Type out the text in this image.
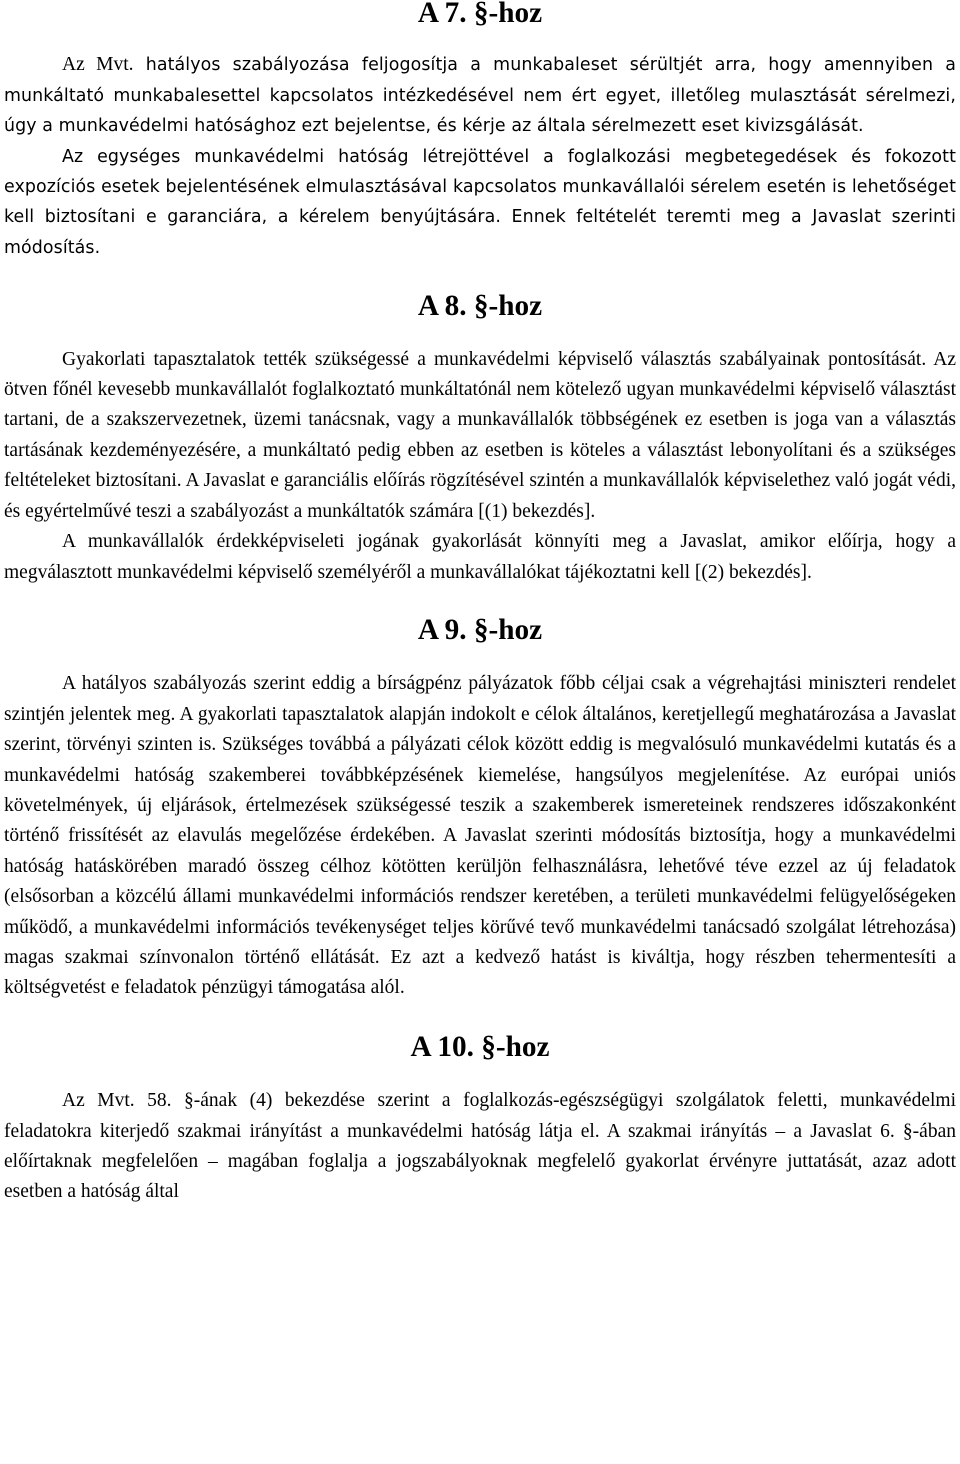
A 7. §-hoz

Az Mvt. hatályos szabályozása feljogosítja a munkabaleset sérültjét arra, hogy amennyiben a munkáltató munkabalesettel kapcsolatos intézkedésével nem ért egyet, illetőleg mulasztását sérelmezi, úgy a munkavédelmi hatósághoz ezt bejelentse, és kérje az általa sérelmezett eset kivizsgálását.

Az egységes munkavédelmi hatóság létrejöttével a foglalkozási megbetegedések és fokozott expozíciós esetek bejelentésének elmulasztásával kapcsolatos munkavállalói sérelem esetén is lehetőséget kell biztosítani e garanciára, a kérelem benyújtására. Ennek feltételét teremti meg a Javaslat szerinti módosítás.

A 8. §-hoz

Gyakorlati tapasztalatok tették szükségessé a munkavédelmi képviselő választás szabályainak pontosítását. Az ötven főnél kevesebb munkavállalót foglalkoztató munkáltatónál nem kötelező ugyan munkavédelmi képviselő választást tartani, de a szakszervezetnek, üzemi tanácsnak, vagy a munkavállalók többségének ez esetben is joga van a választás tartásának kezdeményezésére, a munkáltató pedig ebben az esetben is köteles a választást lebonyolítani és a szükséges feltételeket biztosítani. A Javaslat e garanciális előírás rögzítésével szintén a munkavállalók képviselethez való jogát védi, és egyértelművé teszi a szabályozást a munkáltatók számára [(1) bekezdés].

A munkavállalók érdekképviseleti jogának gyakorlását könnyíti meg a Javaslat, amikor előírja, hogy a megválasztott munkavédelmi képviselő személyéről a munkavállalókat tájékoztatni kell [(2) bekezdés].

A 9. §-hoz

A hatályos szabályozás szerint eddig a bírságpénz pályázatok főbb céljai csak a végrehajtási miniszteri rendelet szintjén jelentek meg. A gyakorlati tapasztalatok alapján indokolt e célok általános, keretjellegű meghatározása a Javaslat szerint, törvényi szinten is. Szükséges továbbá a pályázati célok között eddig is megvalósuló munkavédelmi kutatás és a munkavédelmi hatóság szakemberei továbbképzésének kiemelése, hangsúlyos megjelenítése. Az európai uniós követelmények, új eljárások, értelmezések szükségessé teszik a szakemberek ismereteinek rendszeres időszakonként történő frissítését az elavulás megelőzése érdekében. A Javaslat szerinti módosítás biztosítja, hogy a munkavédelmi hatóság hatáskörében maradó összeg célhoz kötötten kerüljön felhasználásra, lehetővé téve ezzel az új feladatok (elsősorban a közcélú állami munkavédelmi információs rendszer keretében, a területi munkavédelmi felügyelőségeken működő, a munkavédelmi információs tevékenységet teljes körűvé tevő munkavédelmi tanácsadó szolgálat létrehozása) magas szakmai színvonalon történő ellátását. Ez azt a kedvező hatást is kiváltja, hogy részben tehermentesíti a költségvetést e feladatok pénzügyi támogatása alól.

A 10. §-hoz

Az Mvt. 58. §-ának (4) bekezdése szerint a foglalkozás-egészségügyi szolgálatok feletti, munkavédelmi feladatokra kiterjedő szakmai irányítást a munkavédelmi hatóság látja el. A szakmai irányítás – a Javaslat 6. §-ában előírtaknak megfelelően – magában foglalja a jogszabályoknak megfelelő gyakorlat érvényre juttatását, azaz adott esetben a hatóság által
